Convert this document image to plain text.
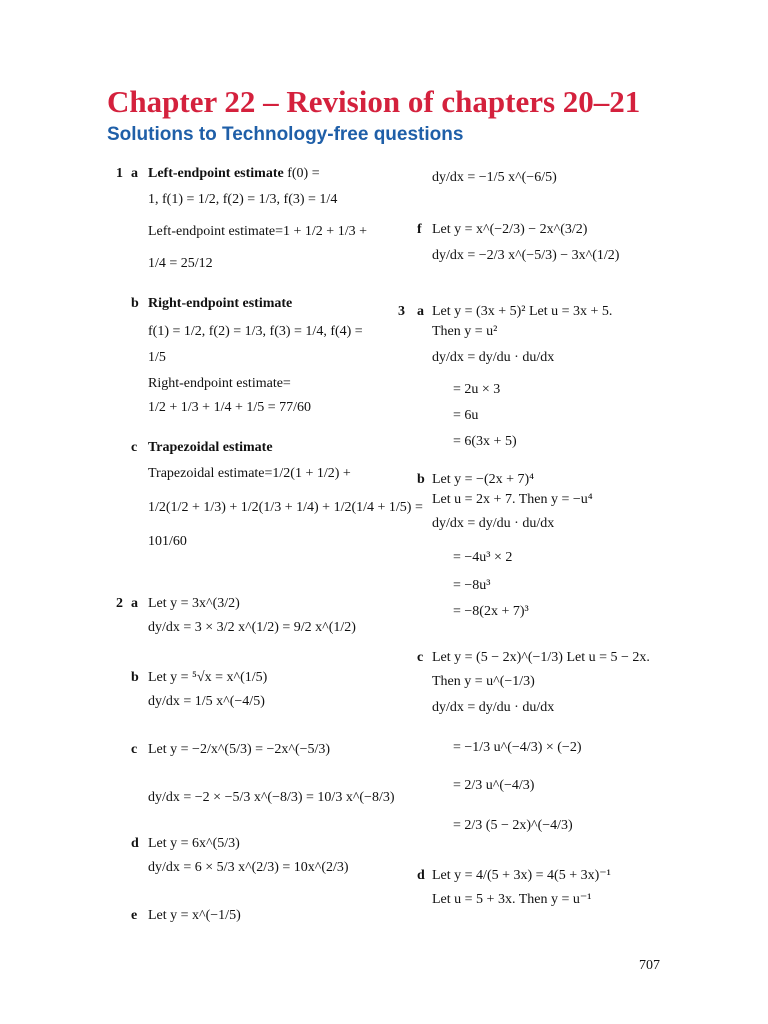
Chapter 22 – Revision of chapters 20–21
Solutions to Technology-free questions
1 a Left-endpoint estimate f(0) =
1, f(1) = 1/2, f(2) = 1/3, f(3) = 1/4
Left-endpoint estimate=1 + 1/2 + 1/3 +
1/4 = 25/12
b Right-endpoint estimate
f(1) = 1/2, f(2) = 1/3, f(3) = 1/4, f(4) =
1/5
Right-endpoint estimate=
1/2 + 1/3 + 1/4 + 1/5 = 77/60
c Trapezoidal estimate
Trapezoidal estimate=1/2(1 + 1/2) +
1/2(1/2 + 1/3) + 1/2(1/3 + 1/4) + 1/2(1/4 + 1/5) =
101/60
2 a Let y = 3x^(3/2)
dy/dx = 3 × 3/2 x^(1/2) = 9/2 x^(1/2)
b Let y = ⁵√x = x^(1/5)
dy/dx = 1/5 x^(−4/5)
c Let y = −2/x^(5/3) = −2x^(−5/3)
dy/dx = −2 × −5/3 x^(−8/3) = 10/3 x^(−8/3)
d Let y = 6x^(5/3)
dy/dx = 6 × 5/3 x^(2/3) = 10x^(2/3)
e Let y = x^(−1/5)
dy/dx = −1/5 x^(−6/5)
f Let y = x^(−2/3) − 2x^(3/2)
dy/dx = −2/3 x^(−5/3) − 3x^(1/2)
3 a Let y = (3x + 5)² Let u = 3x + 5.
Then y = u²
dy/dx = dy/du · du/dx
= 2u × 3
= 6u
= 6(3x + 5)
b Let y = −(2x + 7)⁴
Let u = 2x + 7. Then y = −u⁴
dy/dx = dy/du · du/dx
= −4u³ × 2
= −8u³
= −8(2x + 7)³
c Let y = (5 − 2x)^(−1/3) Let u = 5 − 2x.
Then y = u^(−1/3)
dy/dx = dy/du · du/dx
= −1/3 u^(−4/3) × (−2)
= 2/3 u^(−4/3)
= 2/3 (5 − 2x)^(−4/3)
d Let y = 4/(5 + 3x) = 4(5 + 3x)⁻¹
Let u = 5 + 3x. Then y = u⁻¹
707
